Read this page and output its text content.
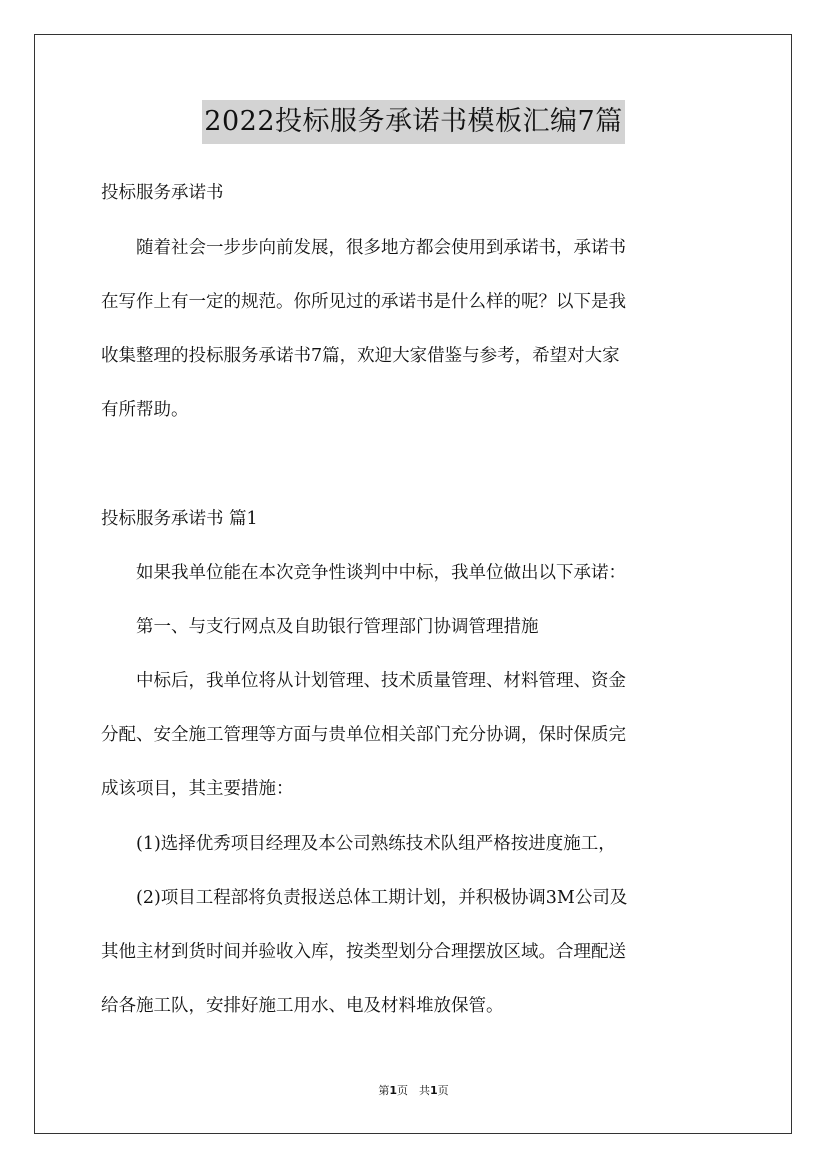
2022投标服务承诺书模板汇编7篇
投标服务承诺书
　　随着社会一步步向前发展，很多地方都会使用到承诺书，承诺书
在写作上有一定的规范。你所见过的承诺书是什么样的呢？以下是我
收集整理的投标服务承诺书7篇，欢迎大家借鉴与参考，希望对大家
有所帮助。
投标服务承诺书 篇1
　　如果我单位能在本次竞争性谈判中中标，我单位做出以下承诺：
　　第一、与支行网点及自助银行管理部门协调管理措施
　　中标后，我单位将从计划管理、技术质量管理、材料管理、资金
分配、安全施工管理等方面与贵单位相关部门充分协调，保时保质完
成该项目，其主要措施：
　　(1)选择优秀项目经理及本公司熟练技术队组严格按进度施工，
　　(2)项目工程部将负责报送总体工期计划，并积极协调3M公司及
其他主材到货时间并验收入库，按类型划分合理摆放区域。合理配送
给各施工队，安排好施工用水、电及材料堆放保管。
第1页　共1页
